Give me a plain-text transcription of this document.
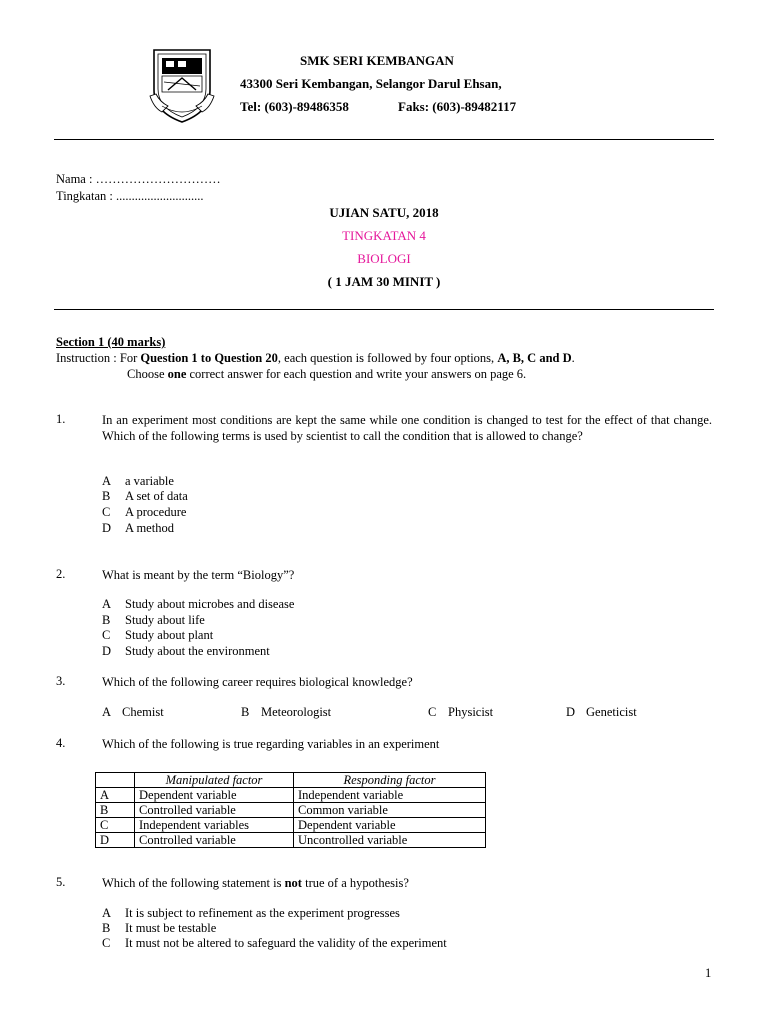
SMK SERI KEMBANGAN
43300 Seri Kembangan, Selangor Darul Ehsan,
Tel: (603)-89486358	Faks: (603)-89482117
Nama : …………………………
Tingkatan : ............................
UJIAN SATU, 2018
TINGKATAN 4
BIOLOGI
( 1 JAM 30 MINIT )
Section 1 (40 marks)
Instruction : For Question 1 to Question 20, each question is followed by four options, A, B, C and D.
Choose one correct answer for each question and write your answers on page 6.
1.	In an experiment most conditions are kept the same while one condition is changed to test for the effect of that change. Which of the following terms is used by scientist to call the condition that is allowed to change?
A a variable
B A set of data
C A procedure
D A method
2.	What is meant by the term “Biology”?
A Study about microbes and disease
B Study about life
C Study about plant
D Study about the environment
3.	Which of the following career requires biological knowledge?
A Chemist	B Meteorologist	C Physicist	D Geneticist
4.	Which of the following is true regarding variables in an experiment
	Manipulated factor	Responding factor
A	Dependent variable	Independent variable
B	Controlled variable	Common variable
C	Independent variables	Dependent variable
D	Controlled variable	Uncontrolled variable
5.	Which of the following statement is not true of a hypothesis?
A It is subject to refinement as the experiment progresses
B It must be testable
C It must not be altered to safeguard the validity of the experiment
1
